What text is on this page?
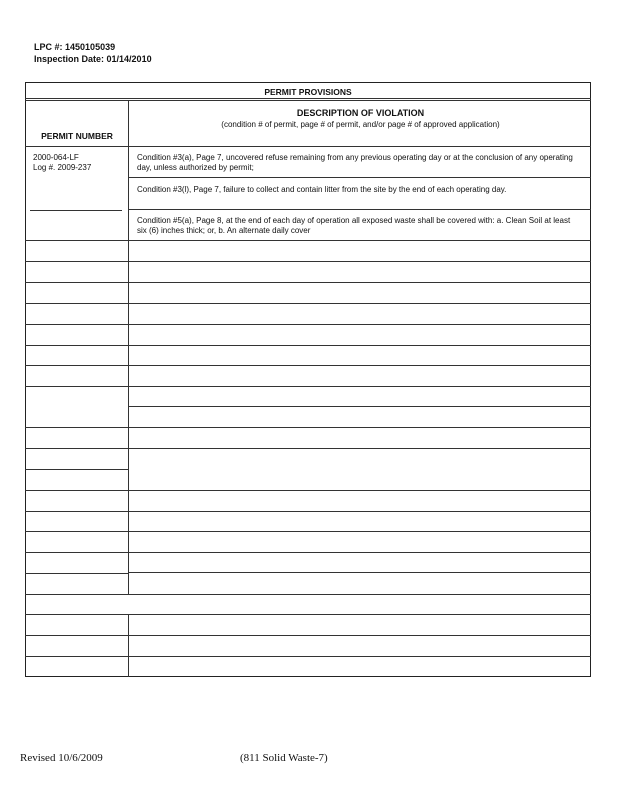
LPC #: 1450105039
Inspection Date: 01/14/2010
PERMIT PROVISIONS
DESCRIPTION OF VIOLATION
(condition # of permit, page # of permit, and/or page # of approved application)
PERMIT NUMBER
2000-064-LF
Log #. 2009-237
Condition #3(a), Page 7, uncovered refuse remaining from any previous operating day or at the conclusion of any operating day, unless authorized by permit;
Condition #3(l), Page 7, failure to collect and contain litter from the site by the end of each operating day.
Condition #5(a), Page 8, at the end of each day of operation all exposed waste shall be covered with: a. Clean Soil at least six (6) inches thick; or, b. An alternate daily cover
Revised 10/6/2009	(811 Solid Waste-7)
